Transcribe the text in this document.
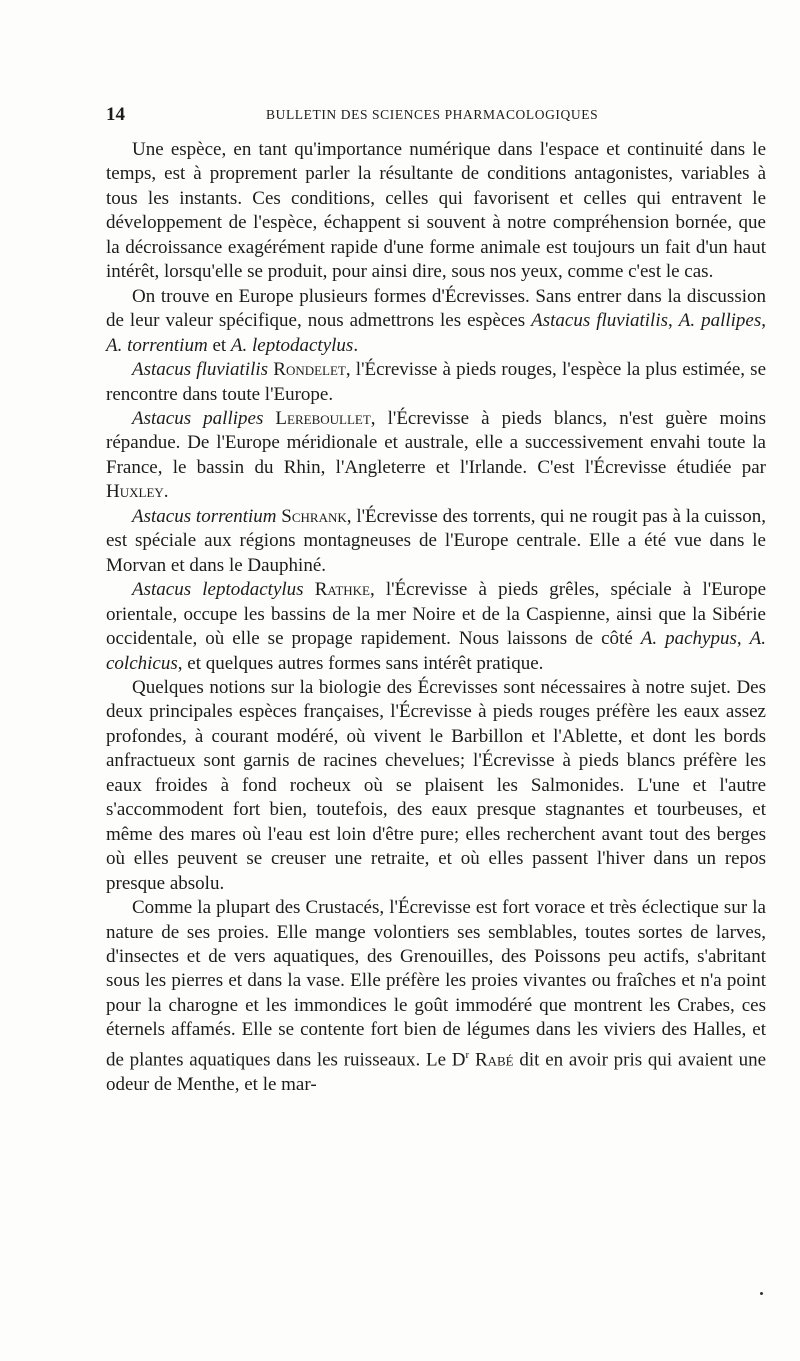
14	BULLETIN DES SCIENCES PHARMACOLOGIQUES

Une espèce, en tant qu'importance numérique dans l'espace et continuité dans le temps, est à proprement parler la résultante de conditions antagonistes, variables à tous les instants. Ces conditions, celles qui favorisent et celles qui entravent le développement de l'espèce, échappent si souvent à notre compréhension bornée, que la décroissance exagérément rapide d'une forme animale est toujours un fait d'un haut intérêt, lorsqu'elle se produit, pour ainsi dire, sous nos yeux, comme c'est le cas.

On trouve en Europe plusieurs formes d'Écrevisses. Sans entrer dans la discussion de leur valeur spécifique, nous admettrons les espèces Astacus fluviatilis, A. pallipes, A. torrentium et A. leptodactylus.

Astacus fluviatilis Rondelet, l'Écrevisse à pieds rouges, l'espèce la plus estimée, se rencontre dans toute l'Europe.

Astacus pallipes Lereboullet, l'Écrevisse à pieds blancs, n'est guère moins répandue. De l'Europe méridionale et australe, elle a successivement envahi toute la France, le bassin du Rhin, l'Angleterre et l'Irlande. C'est l'Écrevisse étudiée par Huxley.

Astacus torrentium Schrank, l'Écrevisse des torrents, qui ne rougit pas à la cuisson, est spéciale aux régions montagneuses de l'Europe centrale. Elle a été vue dans le Morvan et dans le Dauphiné.

Astacus leptodactylus Rathke, l'Écrevisse à pieds grêles, spéciale à l'Europe orientale, occupe les bassins de la mer Noire et de la Caspienne, ainsi que la Sibérie occidentale, où elle se propage rapidement. Nous laissons de côté A. pachypus, A. colchicus, et quelques autres formes sans intérêt pratique.

Quelques notions sur la biologie des Écrevisses sont nécessaires à notre sujet. Des deux principales espèces françaises, l'Écrevisse à pieds rouges préfère les eaux assez profondes, à courant modéré, où vivent le Barbillon et l'Ablette, et dont les bords anfractueux sont garnis de racines chevelues; l'Écrevisse à pieds blancs préfère les eaux froides à fond rocheux où se plaisent les Salmonides. L'une et l'autre s'accommodent fort bien, toutefois, des eaux presque stagnantes et tourbeuses, et même des mares où l'eau est loin d'être pure; elles recherchent avant tout des berges où elles peuvent se creuser une retraite, et où elles passent l'hiver dans un repos presque absolu.

Comme la plupart des Crustacés, l'Écrevisse est fort vorace et très éclectique sur la nature de ses proies. Elle mange volontiers ses semblables, toutes sortes de larves, d'insectes et de vers aquatiques, des Grenouilles, des Poissons peu actifs, s'abritant sous les pierres et dans la vase. Elle préfère les proies vivantes ou fraîches et n'a point pour la charogne et les immondices le goût immodéré que montrent les Crabes, ces éternels affamés. Elle se contente fort bien de légumes dans les viviers des Halles, et de plantes aquatiques dans les ruisseaux. Le $D^r$ Rabé dit en avoir pris qui avaient une odeur de Menthe, et le mar-
